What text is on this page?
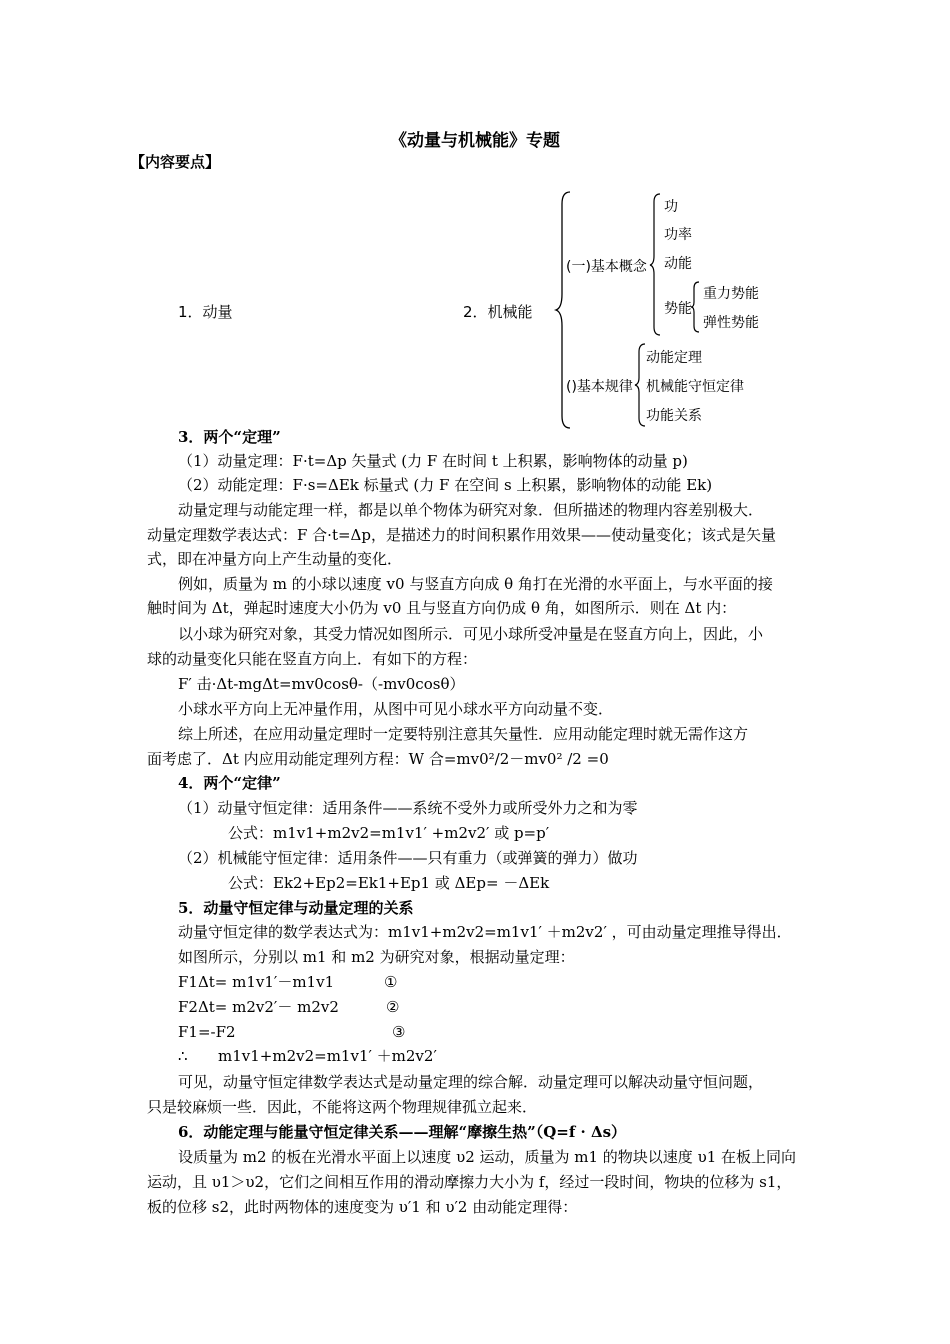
《动量与机械能》专题
【内容要点】
1．动量	2．机械能
(一)基本概念
功
功率
动能
势能
重力势能
弹性势能
()基本规律
动能定理
机械能守恒定律
功能关系
3．两个“定理”
（1）动量定理：F·t=Δp 矢量式 (力 F 在时间 t 上积累，影响物体的动量 p)
（2）动能定理：F·s=ΔEk 标量式 (力 F 在空间 s 上积累，影响物体的动能 Ek)
动量定理与动能定理一样，都是以单个物体为研究对象．但所描述的物理内容差别极大．
动量定理数学表达式：F 合·t=Δp，是描述力的时间积累作用效果——使动量变化；该式是矢量
式，即在冲量方向上产生动量的变化．
例如，质量为 m 的小球以速度 v0 与竖直方向成 θ 角打在光滑的水平面上，与水平面的接
触时间为 Δt，弹起时速度大小仍为 v0 且与竖直方向仍成 θ 角，如图所示．则在 Δt 内：
以小球为研究对象，其受力情况如图所示．可见小球所受冲量是在竖直方向上，因此，小
球的动量变化只能在竖直方向上．有如下的方程：
F′ 击·Δt-mgΔt=mv0cosθ-（-mv0cosθ）
小球水平方向上无冲量作用，从图中可见小球水平方向动量不变．
综上所述，在应用动量定理时一定要特别注意其矢量性．应用动能定理时就无需作这方
面考虑了．Δt 内应用动能定理列方程：W 合=mv0²/2－mv0² /2 =0
4．两个“定律”
（1）动量守恒定律：适用条件——系统不受外力或所受外力之和为零
公式：m1v1+m2v2=m1v1′ +m2v2′ 或 p=p′
（2）机械能守恒定律：适用条件——只有重力（或弹簧的弹力）做功
公式：Ek2+Ep2=Ek1+Ep1 或 ΔEp= －ΔEk
5．动量守恒定律与动量定理的关系
动量守恒定律的数学表达式为：m1v1+m2v2=m1v1′ ＋m2v2′ ，可由动量定理推导得出．
如图所示，分别以 m1 和 m2 为研究对象，根据动量定理：
F1Δt= m1v1′－m1v1	①
F2Δt= m2v2′－ m2v2	②
F1=-F2	③
∴ m1v1+m2v2=m1v1′ ＋m2v2′
可见，动量守恒定律数学表达式是动量定理的综合解．动量定理可以解决动量守恒问题，
只是较麻烦一些．因此，不能将这两个物理规律孤立起来．
6．动能定理与能量守恒定律关系——理解“摩擦生热”（Q=f · Δs）
设质量为 m2 的板在光滑水平面上以速度 υ2 运动，质量为 m1 的物块以速度 υ1 在板上同向
运动，且 υ1＞υ2，它们之间相互作用的滑动摩擦力大小为 f，经过一段时间，物块的位移为 s1，
板的位移 s2，此时两物体的速度变为 υ′1 和 υ′2 由动能定理得：
